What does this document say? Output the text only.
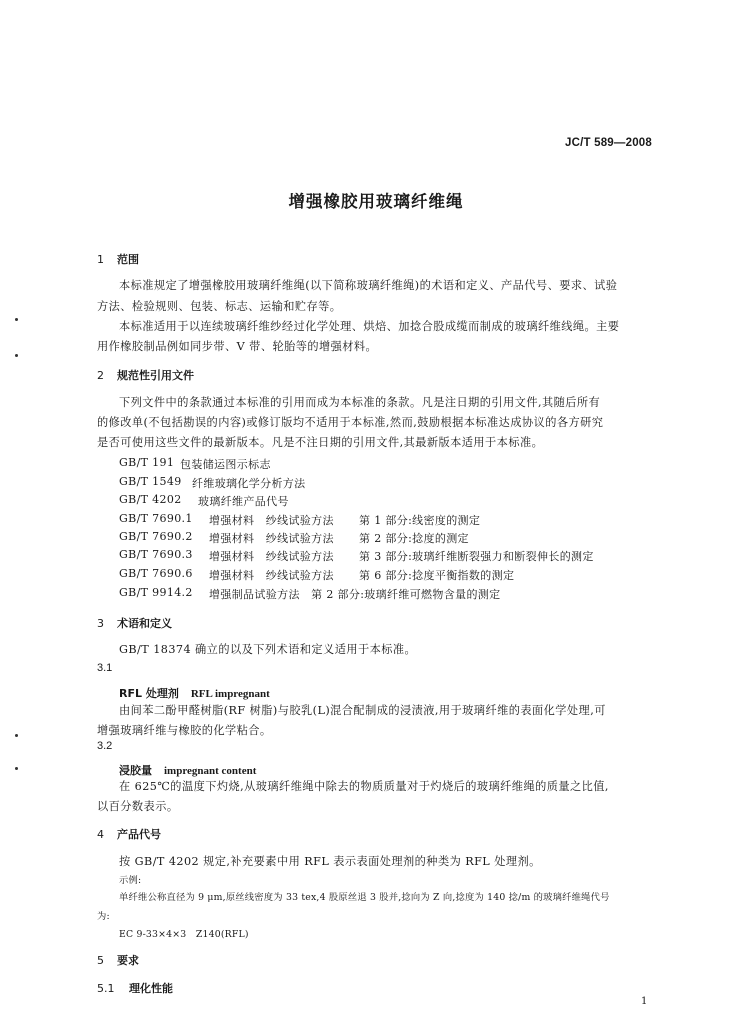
JC/T 589—2008
增强橡胶用玻璃纤维绳
1 范围
本标准规定了增强橡胶用玻璃纤维绳(以下简称玻璃纤维绳)的术语和定义、产品代号、要求、试验
方法、检验规则、包装、标志、运输和贮存等。
本标准适用于以连续玻璃纤维纱经过化学处理、烘焙、加捻合股成缆而制成的玻璃纤维线绳。主要
用作橡胶制品例如同步带、V 带、轮胎等的增强材料。
2 规范性引用文件
下列文件中的条款通过本标准的引用而成为本标准的条款。凡是注日期的引用文件,其随后所有
的修改单(不包括勘误的内容)或修订版均不适用于本标准,然而,鼓励根据本标准达成协议的各方研究
是否可使用这些文件的最新版本。凡是不注日期的引用文件,其最新版本适用于本标准。
GB/T 191 包装储运图示标志
GB/T 1549 纤维玻璃化学分析方法
GB/T 4202 玻璃纤维产品代号
GB/T 7690.1 增强材料　纱线试验方法 第 1 部分:线密度的测定
GB/T 7690.2 增强材料　纱线试验方法 第 2 部分:捻度的测定
GB/T 7690.3 增强材料　纱线试验方法 第 3 部分:玻璃纤维断裂强力和断裂伸长的测定
GB/T 7690.6 增强材料　纱线试验方法 第 6 部分:捻度平衡指数的测定
GB/T 9914.2 增强制品试验方法　第 2 部分:玻璃纤维可燃物含量的测定
3 术语和定义
GB/T 18374 确立的以及下列术语和定义适用于本标准。
3.1
RFL 处理剂 RFL impregnant
由间苯二酚甲醛树脂(RF 树脂)与胶乳(L)混合配制成的浸渍液,用于玻璃纤维的表面化学处理,可
增强玻璃纤维与橡胶的化学粘合。
3.2
浸胶量 impregnant content
在 625℃的温度下灼烧,从玻璃纤维绳中除去的物质质量对于灼烧后的玻璃纤维绳的质量之比值,
以百分数表示。
4 产品代号
按 GB/T 4202 规定,补充要素中用 RFL 表示表面处理剂的种类为 RFL 处理剂。
示例:
单纤维公称直径为 9 μm,原丝线密度为 33 tex,4 股原丝退 3 股并,捻向为 Z 向,捻度为 140 捻/m 的玻璃纤维绳代号
为:
EC 9-33×4×3　Z140(RFL)
5 要求
5.1 理化性能
1
